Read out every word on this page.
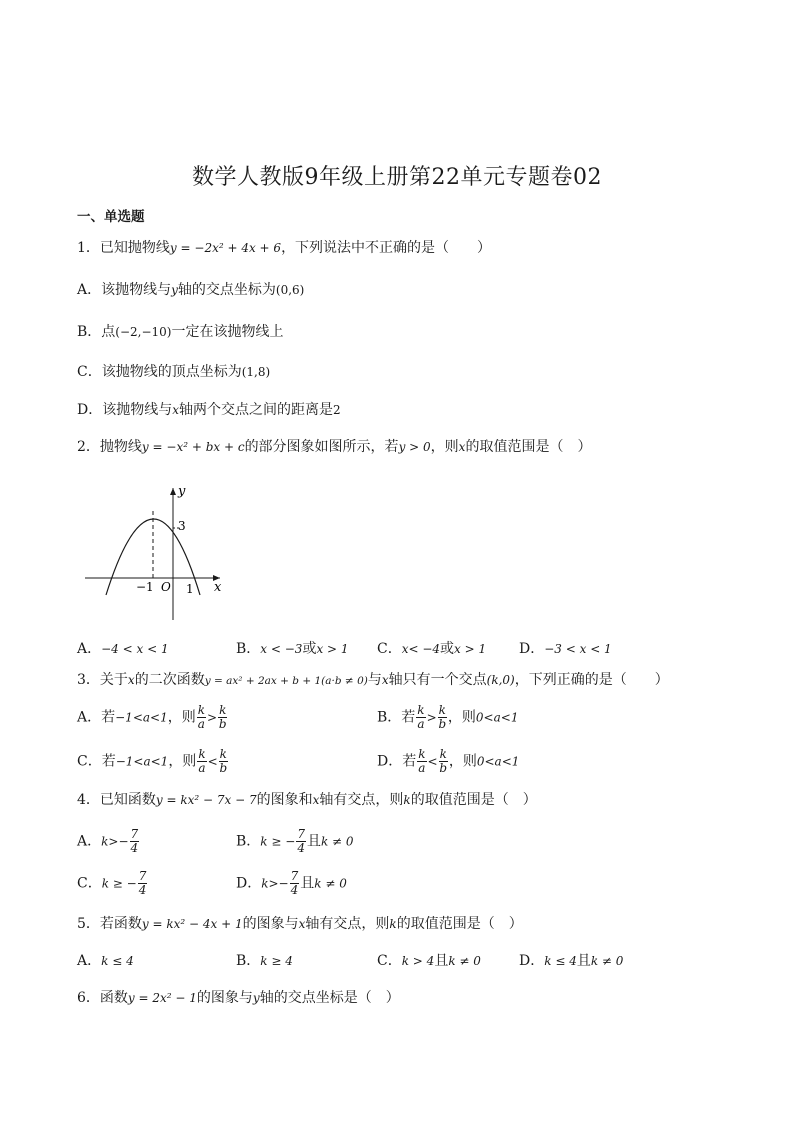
数学人教版9年级上册第22单元专题卷02
一、单选题
1．已知抛物线y = −2x² + 4x + 6，下列说法中不正确的是（　　）
A．该抛物线与y轴的交点坐标为(0,6)
B．点(−2,−10)一定在该抛物线上
C．该抛物线的顶点坐标为(1,8)
D．该抛物线与x轴两个交点之间的距离是2
2．抛物线y = −x² + bx + c的部分图象如图所示，若y > 0，则x的取值范围是（　）
y
x
3
−1 O 1
A．−4 < x < 1	B．x < −3或x > 1 C．x< −4或x > 1 D．−3 < x < 1
3．关于x的二次函数y = ax² + 2ax + b + 1(a·b ≠ 0)与x轴只有一个交点(k,0)，下列正确的是（　　）
A．若−1<a<1，则 $\frac{k}{a} > \frac{k}{b}$	B．若 $\frac{k}{a} > \frac{k}{b}$ ，则0<a<1
C．若−1<a<1，则 $\frac{k}{a} < \frac{k}{b}$	D．若 $\frac{k}{a} < \frac{k}{b}$ ，则0<a<1
4．已知函数y = kx² − 7x − 7的图象和x轴有交点，则k的取值范围是（　）
A．$k>- \frac{7}{4}$	B．k ≥ − $\frac{7}{4}$ 且k ≠ 0
C．k ≥ − $\frac{7}{4}$	D．$k>- \frac{7}{4}$ 且k ≠ 0
5．若函数y = kx² − 4x + 1的图象与x轴有交点，则k的取值范围是（　）
A．k ≤ 4	B．k ≥ 4	C．k > 4且k ≠ 0	D．k ≤ 4且k ≠ 0
6．函数y = 2x² − 1的图象与y轴的交点坐标是（　）
